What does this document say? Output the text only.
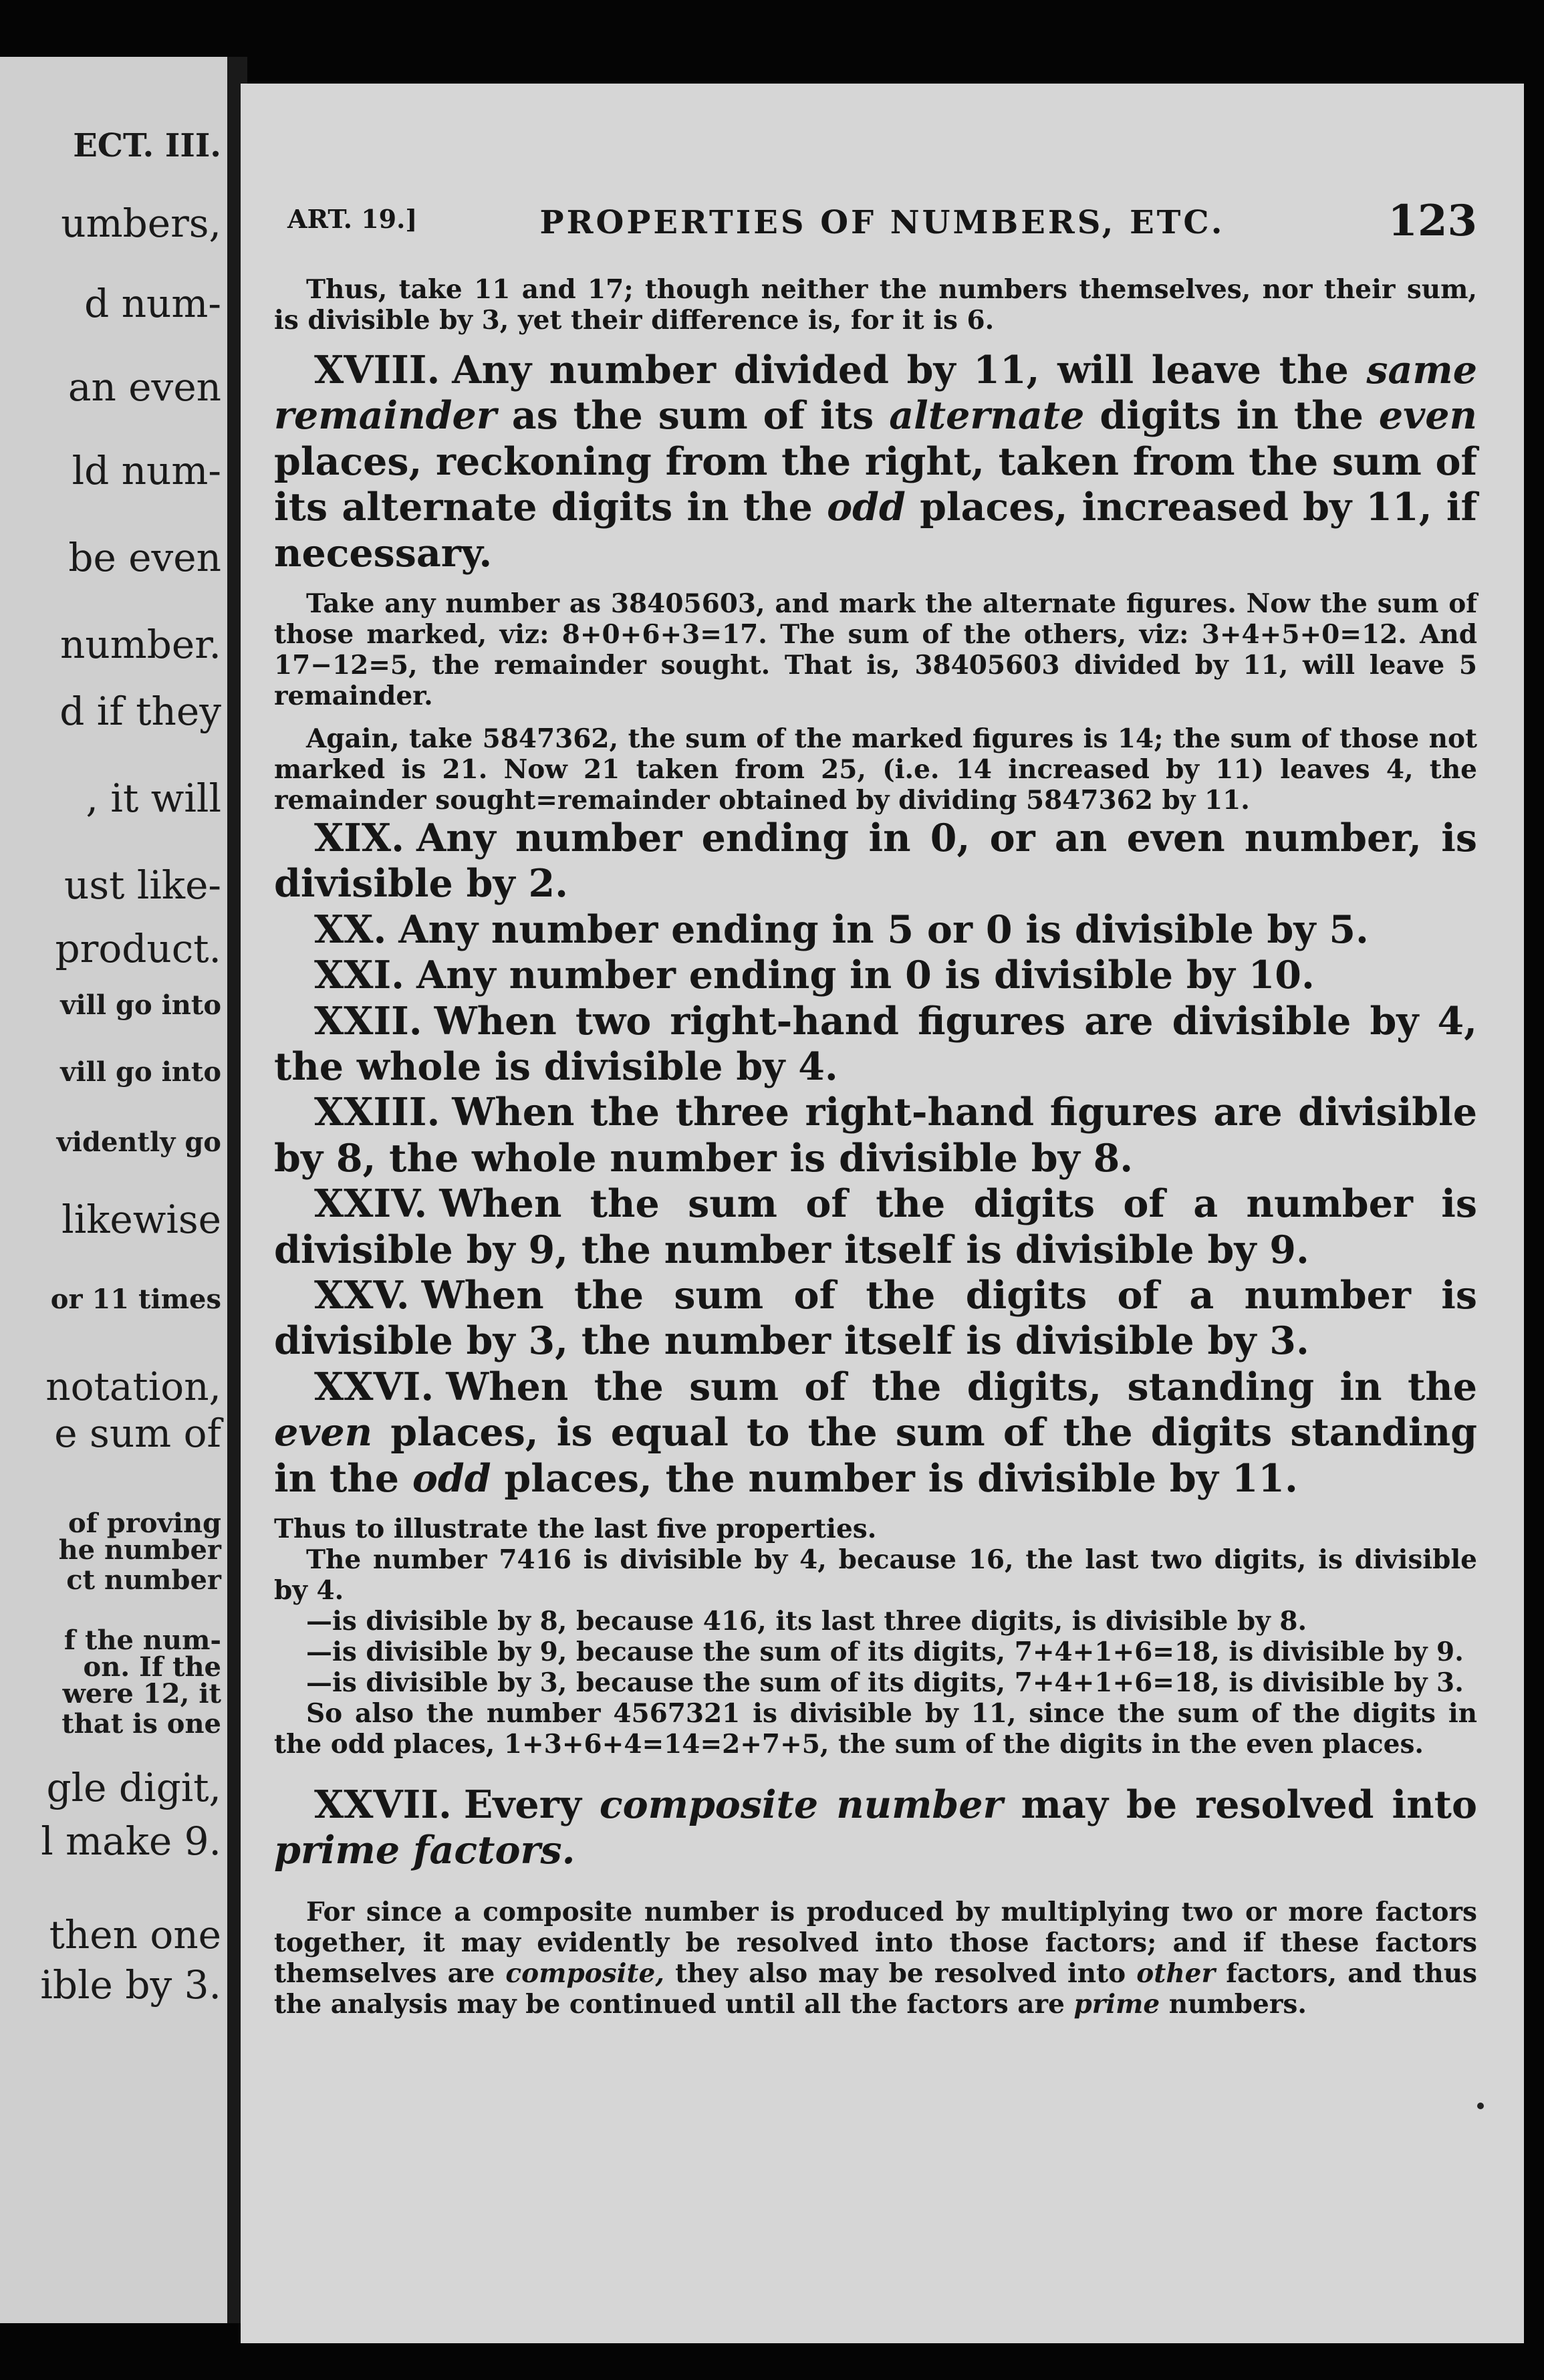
ECT. III.
umbers,
d num-
an even
ld num-
be even
number.
d if they
, it will
ust like-
product.
vill go into
vill go into
vidently go
likewise
or 11 times
notation,
e sum of
of proving
he number
ct number
f the num-
on. If the
were 12, it
that is one
gle digit,
l make 9.
then one
ible by 3.
ART. 19.]	PROPERTIES OF NUMBERS, ETC.	123

Thus, take 11 and 17; though neither the numbers themselves, nor their sum, is divisible by 3, yet their difference is, for it is 6.

XVIII. Any number divided by 11, will leave the same remainder as the sum of its alternate digits in the even places, reckoning from the right, taken from the sum of its alternate digits in the odd places, increased by 11, if necessary.

Take any number as 38405603, and mark the alternate figures. Now the sum of those marked, viz: 8+0+6+3=17. The sum of the others, viz: 3+4+5+0=12. And 17−12=5, the remainder sought. That is, 38405603 divided by 11, will leave 5 remainder.

Again, take 5847362, the sum of the marked figures is 14; the sum of those not marked is 21. Now 21 taken from 25, (i.e. 14 increased by 11) leaves 4, the remainder sought=remainder obtained by dividing 5847362 by 11.

XIX. Any number ending in 0, or an even number, is divisible by 2.

XX. Any number ending in 5 or 0 is divisible by 5.

XXI. Any number ending in 0 is divisible by 10.

XXII. When two right-hand figures are divisible by 4, the whole is divisible by 4.

XXIII. When the three right-hand figures are divisible by 8, the whole number is divisible by 8.

XXIV. When the sum of the digits of a number is divisible by 9, the number itself is divisible by 9.

XXV. When the sum of the digits of a number is divisible by 3, the number itself is divisible by 3.

XXVI. When the sum of the digits, standing in the even places, is equal to the sum of the digits standing in the odd places, the number is divisible by 11.

Thus to illustrate the last five properties.

The number 7416 is divisible by 4, because 16, the last two digits, is divisible by 4.

—is divisible by 8, because 416, its last three digits, is divisible by 8.

—is divisible by 9, because the sum of its digits, 7+4+1+6=18, is divisible by 9.

—is divisible by 3, because the sum of its digits, 7+4+1+6=18, is divisible by 3.

So also the number 4567321 is divisible by 11, since the sum of the digits in the odd places, 1+3+6+4=14=2+7+5, the sum of the digits in the even places.

XXVII. Every composite number may be resolved into prime factors.

For since a composite number is produced by multiplying two or more factors together, it may evidently be resolved into those factors; and if these factors themselves are composite, they also may be resolved into other factors, and thus the analysis may be continued until all the factors are prime numbers.
